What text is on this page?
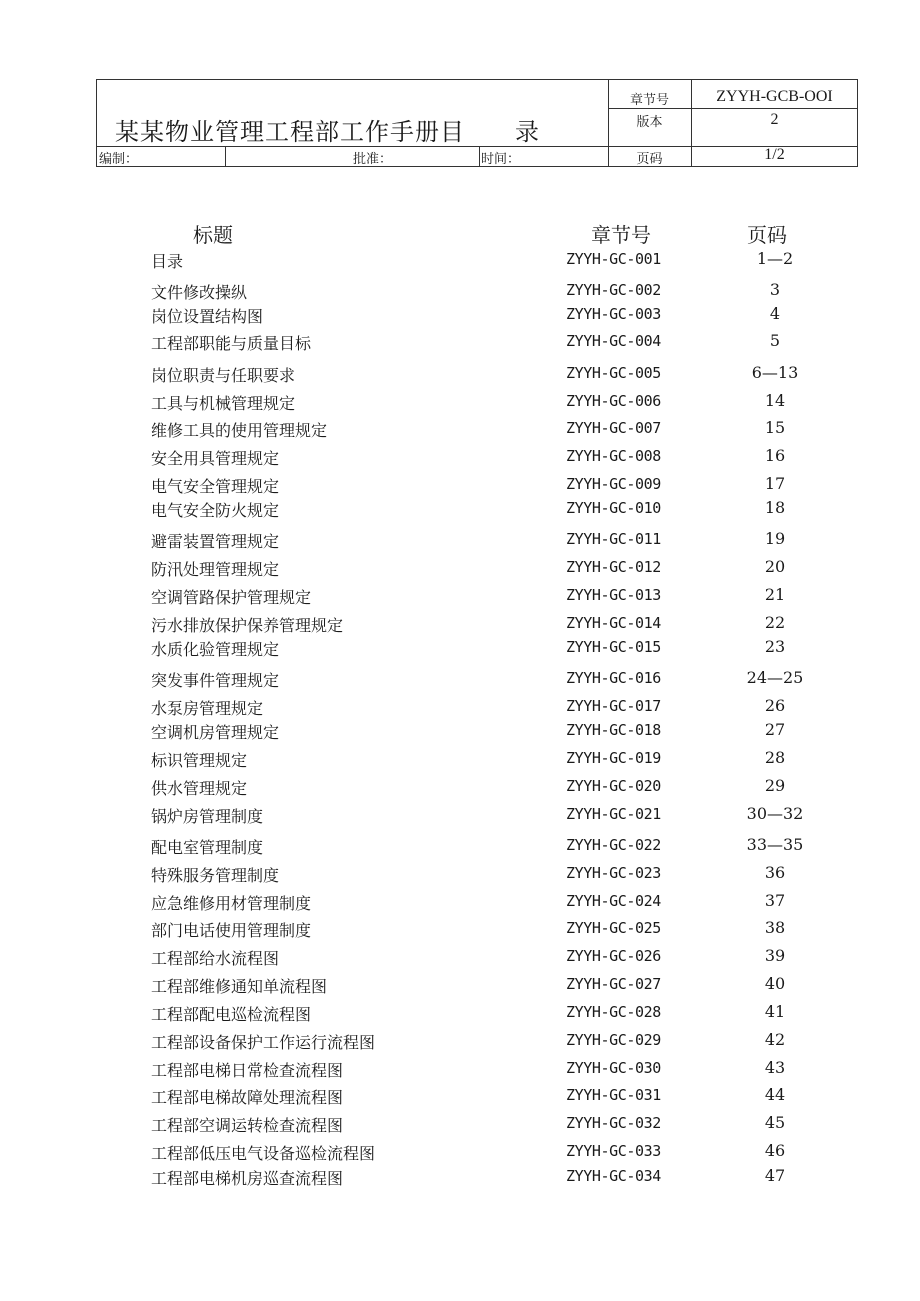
某某物业管理工程部工作手册目 录
章节号	ZYYH-GCB-OOI
版本	2
页码	1/2
编制：	批准：	时间：
标题	章节号	页码
目录	ZYYH-GC-001	1—2
文件修改操纵	ZYYH-GC-002	3
岗位设置结构图	ZYYH-GC-003	4
工程部职能与质量目标	ZYYH-GC-004	5
岗位职责与任职要求	ZYYH-GC-005	6—13
工具与机械管理规定	ZYYH-GC-006	14
维修工具的使用管理规定	ZYYH-GC-007	15
安全用具管理规定	ZYYH-GC-008	16
电气安全管理规定	ZYYH-GC-009	17
电气安全防火规定	ZYYH-GC-010	18
避雷装置管理规定	ZYYH-GC-011	19
防汛处理管理规定	ZYYH-GC-012	20
空调管路保护管理规定	ZYYH-GC-013	21
污水排放保护保养管理规定	ZYYH-GC-014	22
水质化验管理规定	ZYYH-GC-015	23
突发事件管理规定	ZYYH-GC-016	24—25
水泵房管理规定	ZYYH-GC-017	26
空调机房管理规定	ZYYH-GC-018	27
标识管理规定	ZYYH-GC-019	28
供水管理规定	ZYYH-GC-020	29
锅炉房管理制度	ZYYH-GC-021	30—32
配电室管理制度	ZYYH-GC-022	33—35
特殊服务管理制度	ZYYH-GC-023	36
应急维修用材管理制度	ZYYH-GC-024	37
部门电话使用管理制度	ZYYH-GC-025	38
工程部给水流程图	ZYYH-GC-026	39
工程部维修通知单流程图	ZYYH-GC-027	40
工程部配电巡检流程图	ZYYH-GC-028	41
工程部设备保护工作运行流程图	ZYYH-GC-029	42
工程部电梯日常检查流程图	ZYYH-GC-030	43
工程部电梯故障处理流程图	ZYYH-GC-031	44
工程部空调运转检查流程图	ZYYH-GC-032	45
工程部低压电气设备巡检流程图	ZYYH-GC-033	46
工程部电梯机房巡查流程图	ZYYH-GC-034	47
